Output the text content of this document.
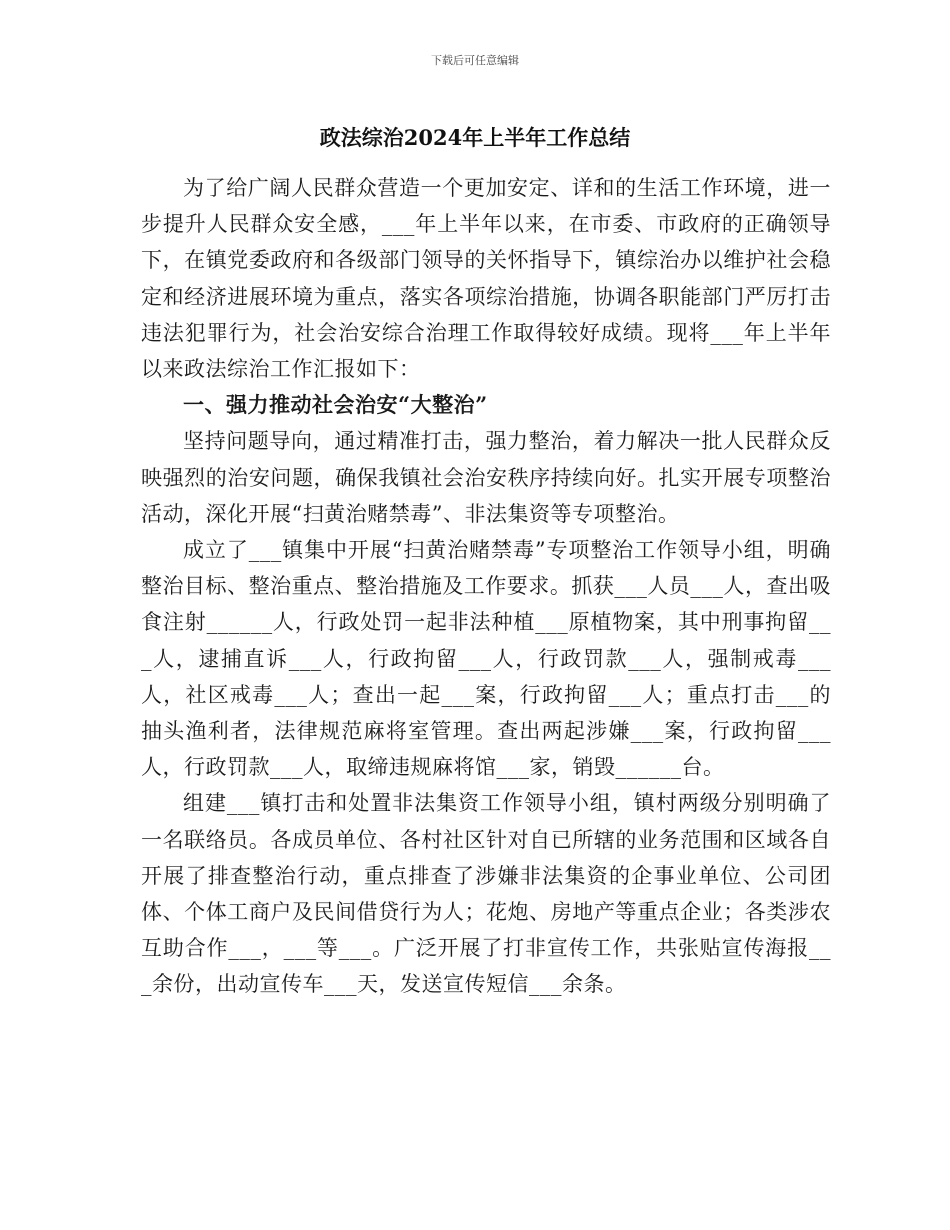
下载后可任意编辑
政法综治2024年上半年工作总结

为了给广阔人民群众营造一个更加安定、详和的生活工作环境，进一步提升人民群众安全感，___年上半年以来，在市委、市政府的正确领导下，在镇党委政府和各级部门领导的关怀指导下，镇综治办以维护社会稳定和经济进展环境为重点，落实各项综治措施，协调各职能部门严厉打击违法犯罪行为，社会治安综合治理工作取得较好成绩。现将___年上半年以来政法综治工作汇报如下：

一、强力推动社会治安“大整治”

坚持问题导向，通过精准打击，强力整治，着力解决一批人民群众反映强烈的治安问题，确保我镇社会治安秩序持续向好。扎实开展专项整治活动，深化开展“扫黄治赌禁毒”、非法集资等专项整治。

成立了___镇集中开展“扫黄治赌禁毒”专项整治工作领导小组，明确整治目标、整治重点、整治措施及工作要求。抓获___人员___人，查出吸食注射______人，行政处罚一起非法种植___原植物案，其中刑事拘留___人，逮捕直诉___人，行政拘留___人，行政罚款___人，强制戒毒___人，社区戒毒___人；查出一起___案，行政拘留___人；重点打击___的抽头渔利者，法律规范麻将室管理。查出两起涉嫌___案，行政拘留___人，行政罚款___人，取缔违规麻将馆___家，销毁______台。

组建___镇打击和处置非法集资工作领导小组，镇村两级分别明确了一名联络员。各成员单位、各村社区针对自已所辖的业务范围和区域各自开展了排查整治行动，重点排查了涉嫌非法集资的企事业单位、公司团体、个体工商户及民间借贷行为人；花炮、房地产等重点企业；各类涉农互助合作___，___等___。广泛开展了打非宣传工作，共张贴宣传海报___余份，出动宣传车___天，发送宣传短信___余条。
